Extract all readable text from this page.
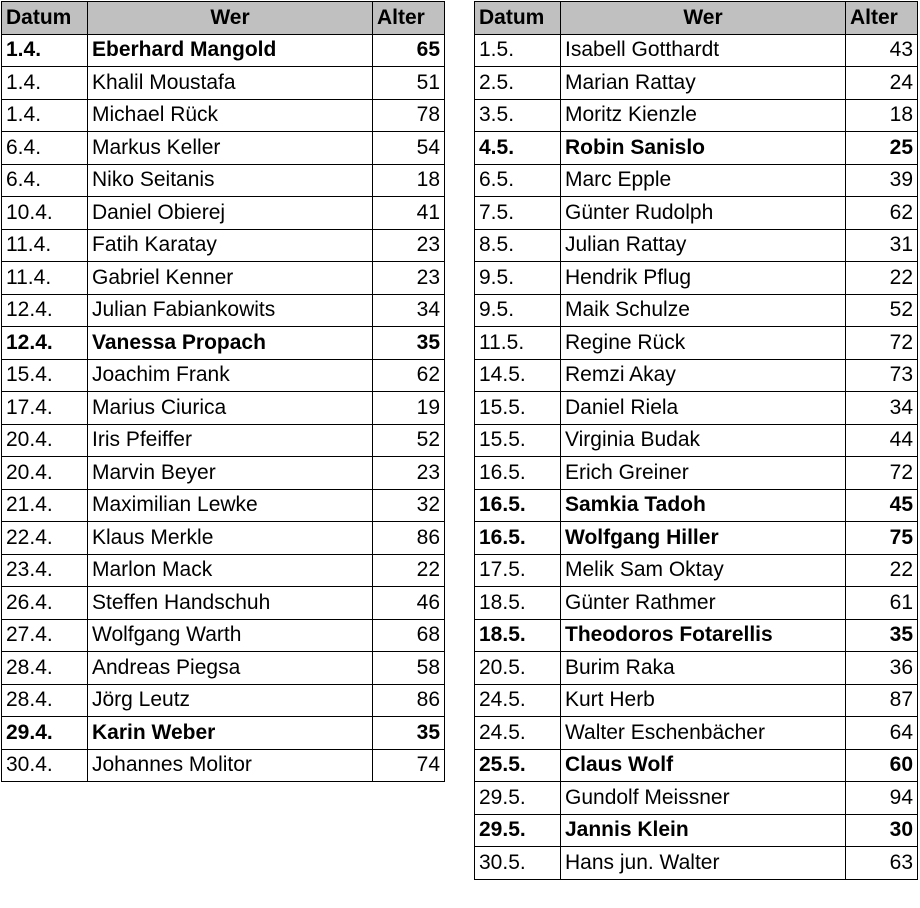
Datum	Wer	Alter
1.4.	Eberhard Mangold	65
1.4.	Khalil Moustafa	51
1.4.	Michael Rück	78
6.4.	Markus Keller	54
6.4.	Niko Seitanis	18
10.4.	Daniel Obierej	41
11.4.	Fatih Karatay	23
11.4.	Gabriel Kenner	23
12.4.	Julian Fabiankowits	34
12.4.	Vanessa Propach	35
15.4.	Joachim Frank	62
17.4.	Marius Ciurica	19
20.4.	Iris Pfeiffer	52
20.4.	Marvin Beyer	23
21.4.	Maximilian Lewke	32
22.4.	Klaus Merkle	86
23.4.	Marlon Mack	22
26.4.	Steffen Handschuh	46
27.4.	Wolfgang Warth	68
28.4.	Andreas Piegsa	58
28.4.	Jörg Leutz	86
29.4.	Karin Weber	35
30.4.	Johannes Molitor	74
Datum	Wer	Alter
1.5.	Isabell Gotthardt	43
2.5.	Marian Rattay	24
3.5.	Moritz Kienzle	18
4.5.	Robin Sanislo	25
6.5.	Marc Epple	39
7.5.	Günter Rudolph	62
8.5.	Julian Rattay	31
9.5.	Hendrik Pflug	22
9.5.	Maik Schulze	52
11.5.	Regine Rück	72
14.5.	Remzi Akay	73
15.5.	Daniel Riela	34
15.5.	Virginia Budak	44
16.5.	Erich Greiner	72
16.5.	Samkia Tadoh	45
16.5.	Wolfgang Hiller	75
17.5.	Melik Sam Oktay	22
18.5.	Günter Rathmer	61
18.5.	Theodoros Fotarellis	35
20.5.	Burim Raka	36
24.5.	Kurt Herb	87
24.5.	Walter Eschenbächer	64
25.5.	Claus Wolf	60
29.5.	Gundolf Meissner	94
29.5.	Jannis Klein	30
30.5.	Hans jun. Walter	63
